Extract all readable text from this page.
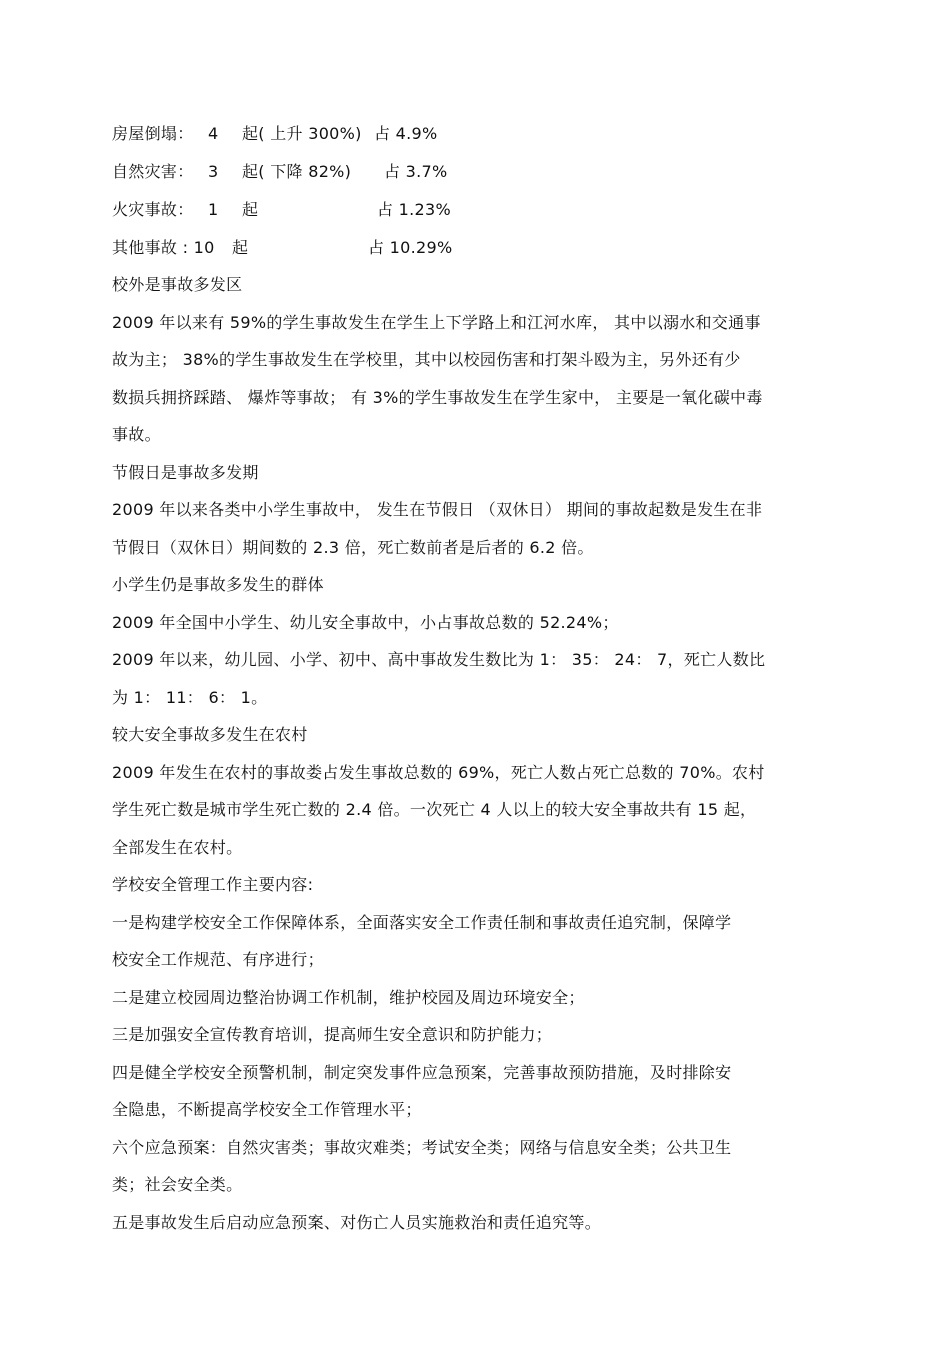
房屋倒塌： 4 起( 上升 300%) 占 4.9%
自然灾害： 3 起( 下降 82%) 占 3.7%
火灾事故： 1 起	占 1.23%
其他事故 : 10 起	占 10.29%
校外是事故多发区
2009 年以来有 59%的学生事故发生在学生上下学路上和江河水库， 其中以溺水和交通事
故为主； 38%的学生事故发生在学校里，其中以校园伤害和打架斗殴为主，另外还有少
数损兵拥挤踩踏、 爆炸等事故； 有 3%的学生事故发生在学生家中， 主要是一氧化碳中毒
事故。
节假日是事故多发期
2009 年以来各类中小学生事故中， 发生在节假日 （双休日） 期间的事故起数是发生在非
节假日（双休日）期间数的 2.3 倍，死亡数前者是后者的 6.2 倍。
小学生仍是事故多发生的群体
2009 年全国中小学生、幼儿安全事故中，小占事故总数的 52.24%；
2009 年以来，幼儿园、小学、初中、高中事故发生数比为 1： 35： 24： 7，死亡人数比
为 1： 11： 6： 1。
较大安全事故多发生在农村
2009 年发生在农村的事故娄占发生事故总数的 69%，死亡人数占死亡总数的 70%。农村
学生死亡数是城市学生死亡数的 2.4 倍。一次死亡 4 人以上的较大安全事故共有 15 起，
全部发生在农村。
学校安全管理工作主要内容:
一是构建学校安全工作保障体系，全面落实安全工作责任制和事故责任追究制，保障学
校安全工作规范、有序进行；
二是建立校园周边整治协调工作机制，维护校园及周边环境安全；
三是加强安全宣传教育培训，提高师生安全意识和防护能力；
四是健全学校安全预警机制，制定突发事件应急预案，完善事故预防措施，及时排除安
全隐患，不断提高学校安全工作管理水平；
六个应急预案：自然灾害类；事故灾难类；考试安全类；网络与信息安全类；公共卫生
类；社会安全类。
五是事故发生后启动应急预案、对伤亡人员实施救治和责任追究等。
